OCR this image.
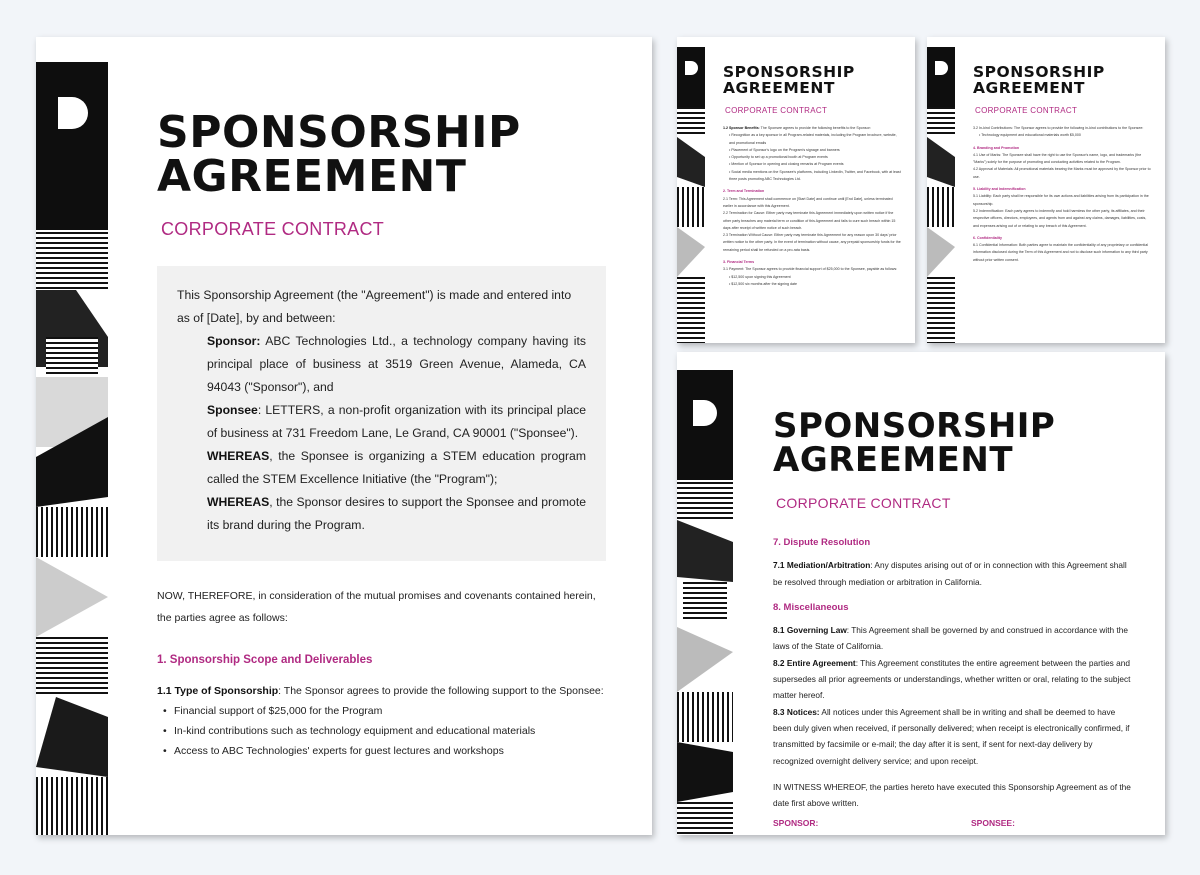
SPONSORSHIP
AGREEMENT
CORPORATE CONTRACT

This Sponsorship Agreement (the "Agreement") is made and entered into as of [Date], by and between:

Sponsor: ABC Technologies Ltd., a technology company having its principal place of business at 3519 Green Avenue, Alameda, CA 94043 ("Sponsor"), and

Sponsee: LETTERS, a non-profit organization with its principal place of business at 731 Freedom Lane, Le Grand, CA 90001 ("Sponsee").

WHEREAS, the Sponsee is organizing a STEM education program called the STEM Excellence Initiative (the "Program");

WHEREAS, the Sponsor desires to support the Sponsee and promote its brand during the Program.

NOW, THEREFORE, in consideration of the mutual promises and covenants contained herein, the parties agree as follows:

1. Sponsorship Scope and Deliverables

1.1 Type of Sponsorship: The Sponsor agrees to provide the following support to the Sponsee:

• Financial support of $25,000 for the Program
• In-kind contributions such as technology equipment and educational materials
• Access to ABC Technologies' experts for guest lectures and workshops
SPONSORSHIP
AGREEMENT
CORPORATE CONTRACT

1.2 Sponsor Benefits: The Sponsee agrees to provide the following benefits to the Sponsor:

• Recognition as a key sponsor in all Program-related materials, including the Program brochure, website, and promotional emails

• Placement of Sponsor's logo on the Program's signage and banners

• Opportunity to set up a promotional booth at Program events

• Mention of Sponsor in opening and closing remarks at Program events

• Social media mentions on the Sponsee's platforms, including LinkedIn, Twitter, and Facebook, with at least three posts promoting ABC Technologies Ltd.

2. Term and Termination

2.1 Term: This Agreement shall commence on [Start Date] and continue until [End Date], unless terminated earlier in accordance with this Agreement.

2.2 Termination for Cause: Either party may terminate this Agreement immediately upon written notice if the other party breaches any material term or condition of this Agreement and fails to cure such breach within 15 days after receipt of written notice of such breach.

2.3 Termination Without Cause: Either party may terminate this Agreement for any reason upon 30 days' prior written notice to the other party. In the event of termination without cause, any prepaid sponsorship funds for the remaining period shall be refunded on a pro-rata basis.

3. Financial Terms

3.1 Payment: The Sponsor agrees to provide financial support of $25,000 to the Sponsee, payable as follows:

• $12,500 upon signing this Agreement

• $12,500 six months after the signing date

SPONSORSHIP
AGREEMENT
CORPORATE CONTRACT

3.2 In-kind Contributions: The Sponsor agrees to provide the following in-kind contributions to the Sponsee:

• Technology equipment and educational materials worth $5,000

4. Branding and Promotion

4.1 Use of Marks: The Sponsee shall have the right to use the Sponsor's name, logo, and trademarks (the "Marks") solely for the purpose of promoting and conducting activities related to the Program.

4.2 Approval of Materials: All promotional materials bearing the Marks must be approved by the Sponsor prior to use.

5. Liability and Indemnification

5.1 Liability: Each party shall be responsible for its own actions and liabilities arising from its participation in the sponsorship.

5.2 Indemnification: Each party agrees to indemnify and hold harmless the other party, its affiliates, and their respective officers, directors, employees, and agents from and against any claims, damages, liabilities, costs, and expenses arising out of or relating to any breach of this Agreement.

6. Confidentiality

6.1 Confidential Information: Both parties agree to maintain the confidentiality of any proprietary or confidential information disclosed during the Term of this Agreement and not to disclose such information to any third party without prior written consent.

SPONSORSHIP
AGREEMENT
CORPORATE CONTRACT
7. Dispute Resolution

7.1 Mediation/Arbitration: Any disputes arising out of or in connection with this Agreement shall be resolved through mediation or arbitration in California.

8. Miscellaneous

8.1 Governing Law: This Agreement shall be governed by and construed in accordance with the laws of the State of California.

8.2 Entire Agreement: This Agreement constitutes the entire agreement between the parties and supersedes all prior agreements or understandings, whether written or oral, relating to the subject matter hereof.

8.3 Notices: All notices under this Agreement shall be in writing and shall be deemed to have been duly given when received, if personally delivered; when receipt is electronically confirmed, if transmitted by facsimile or e-mail; the day after it is sent, if sent for next-day delivery by recognized overnight delivery service; and upon receipt.

IN WITNESS WHEREOF, the parties hereto have executed this Sponsorship Agreement as of the date first above written.

SPONSOR:	SPONSEE:
